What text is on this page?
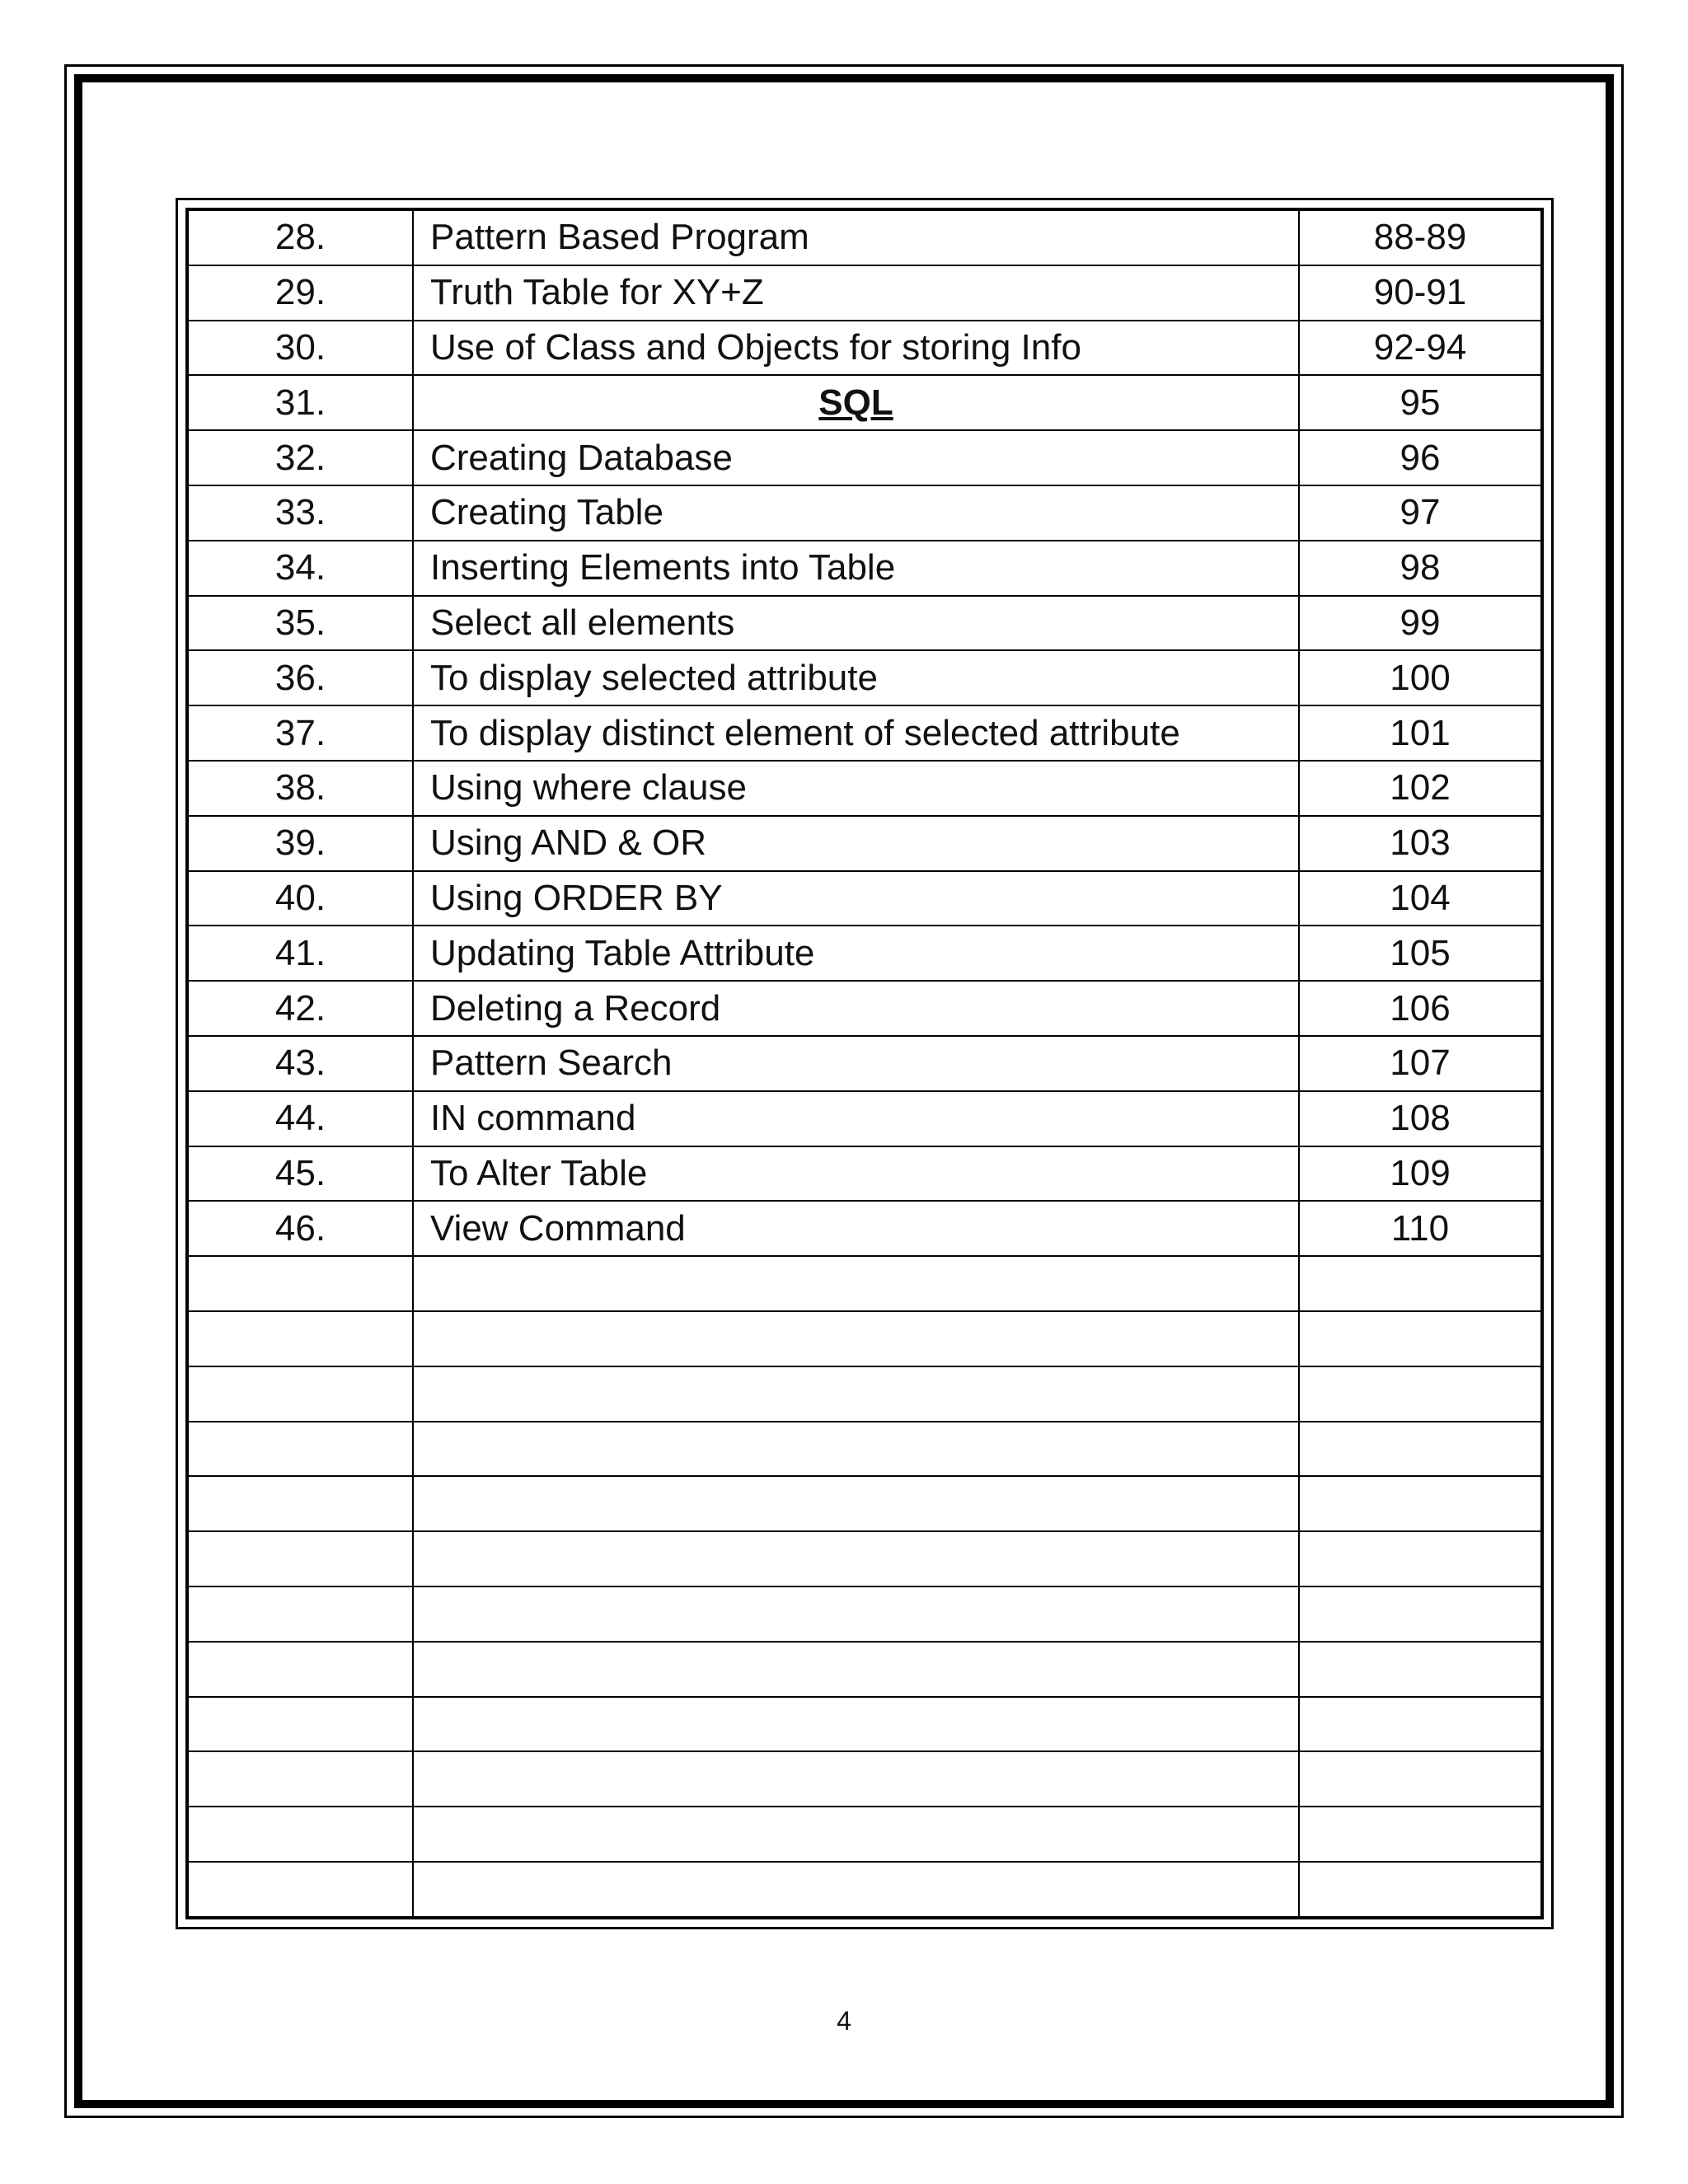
28.	Pattern Based Program	88-89
29.	Truth Table for XY+Z	90-91
30.	Use of Class and Objects for storing Info	92-94
31.	SQL	95
32.	Creating Database	96
33.	Creating Table	97
34.	Inserting Elements into Table	98
35.	Select all elements	99
36.	To display selected attribute	100
37.	To display distinct element of selected attribute	101
38.	Using where clause	102
39.	Using AND & OR	103
40.	Using ORDER BY	104
41.	Updating Table Attribute	105
42.	Deleting a Record	106
43.	Pattern Search	107
44.	IN command	108
45.	To Alter Table	109
46.	View Command	110

4
